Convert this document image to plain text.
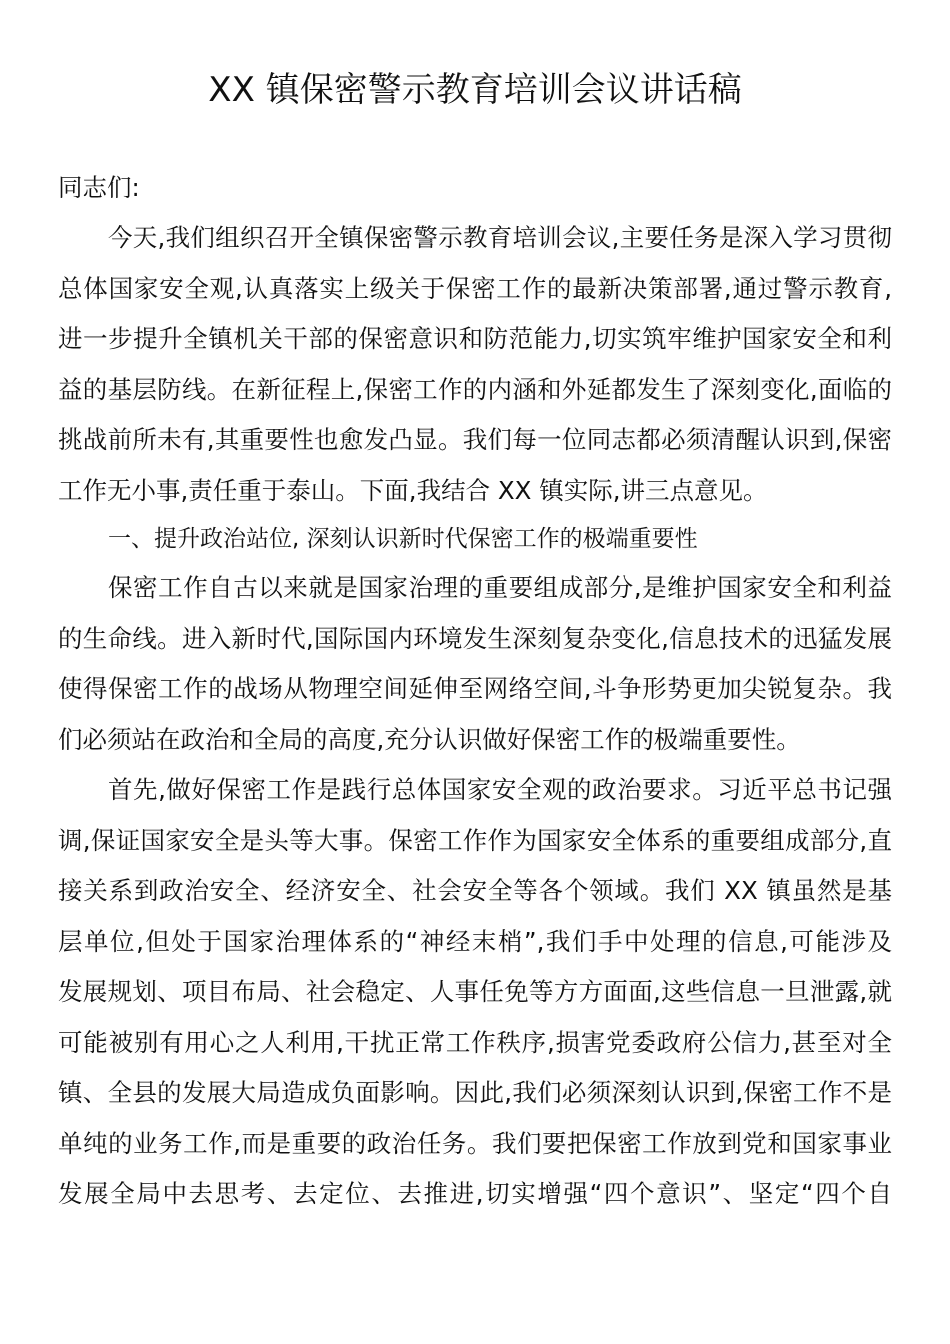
XX 镇保密警示教育培训会议讲话稿
同志们:
今天,我们组织召开全镇保密警示教育培训会议,主要任务是深入学习贯彻
总体国家安全观,认真落实上级关于保密工作的最新决策部署,通过警示教育,
进一步提升全镇机关干部的保密意识和防范能力,切实筑牢维护国家安全和利
益的基层防线。在新征程上,保密工作的内涵和外延都发生了深刻变化,面临的
挑战前所未有,其重要性也愈发凸显。我们每一位同志都必须清醒认识到,保密
工作无小事,责任重于泰山。下面,我结合 XX 镇实际,讲三点意见。
一、提升政治站位, 深刻认识新时代保密工作的极端重要性
保密工作自古以来就是国家治理的重要组成部分,是维护国家安全和利益
的生命线。进入新时代,国际国内环境发生深刻复杂变化,信息技术的迅猛发展
使得保密工作的战场从物理空间延伸至网络空间,斗争形势更加尖锐复杂。我
们必须站在政治和全局的高度,充分认识做好保密工作的极端重要性。
首先,做好保密工作是践行总体国家安全观的政治要求。习近平总书记强
调,保证国家安全是头等大事。保密工作作为国家安全体系的重要组成部分,直
接关系到政治安全、经济安全、社会安全等各个领域。我们 XX 镇虽然是基
层单位,但处于国家治理体系的“神经末梢”,我们手中处理的信息,可能涉及
发展规划、项目布局、社会稳定、人事任免等方方面面,这些信息一旦泄露,就
可能被别有用心之人利用,干扰正常工作秩序,损害党委政府公信力,甚至对全
镇、全县的发展大局造成负面影响。因此,我们必须深刻认识到,保密工作不是
单纯的业务工作,而是重要的政治任务。我们要把保密工作放到党和国家事业
发展全局中去思考、去定位、去推进,切实增强“四个意识”、坚定“四个自
